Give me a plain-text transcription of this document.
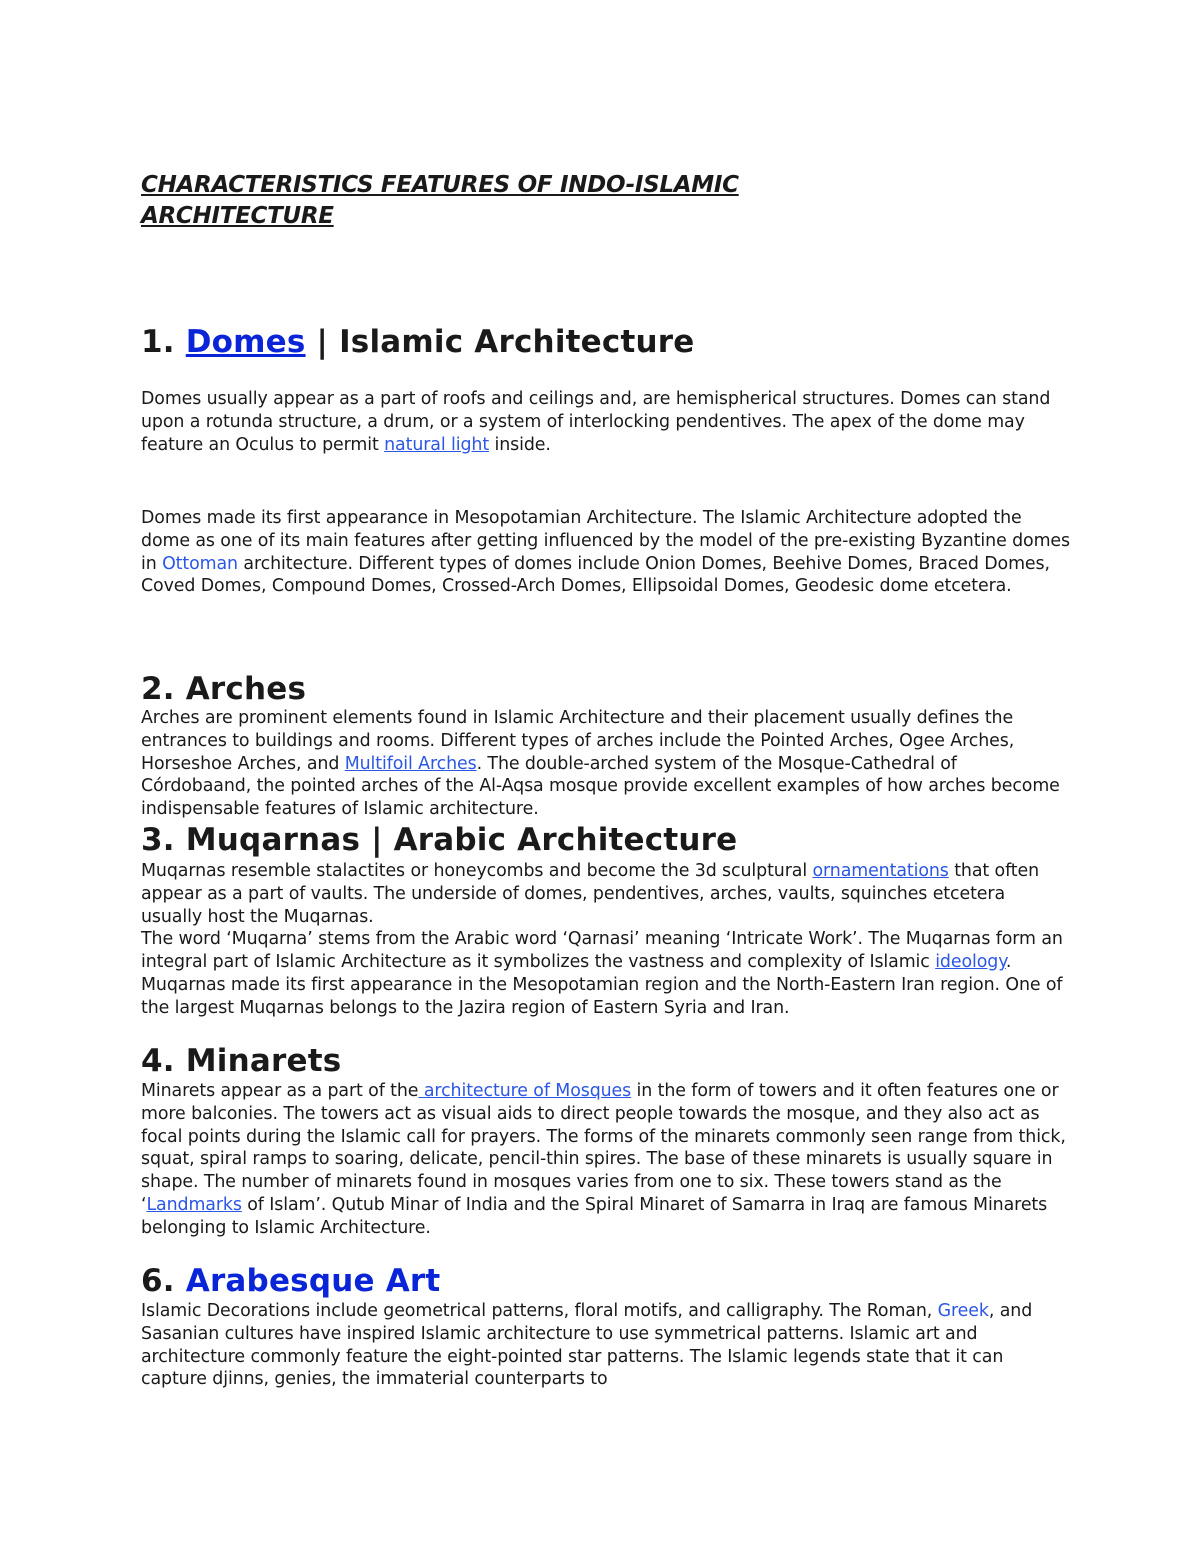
CHARACTERISTICS FEATURES OF INDO-ISLAMIC
ARCHITECTURE
1. Domes | Islamic Architecture

Domes usually appear as a part of roofs and ceilings and, are hemispherical structures. Domes can stand upon a rotunda structure, a drum, or a system of interlocking pendentives. The apex of the dome may feature an Oculus to permit natural light inside.

Domes made its first appearance in Mesopotamian Architecture. The Islamic Architecture adopted the dome as one of its main features after getting influenced by the model of the pre-existing Byzantine domes in Ottoman architecture. Different types of domes include Onion Domes, Beehive Domes, Braced Domes, Coved Domes, Compound Domes, Crossed-Arch Domes, Ellipsoidal Domes, Geodesic dome etcetera.

2. Arches

Arches are prominent elements found in Islamic Architecture and their placement usually defines the entrances to buildings and rooms. Different types of arches include the Pointed Arches, Ogee Arches, Horseshoe Arches, and Multifoil Arches. The double-arched system of the Mosque-Cathedral of Córdobaand, the pointed arches of the Al-Aqsa mosque provide excellent examples of how arches become indispensable features of Islamic architecture.

3. Muqarnas | Arabic Architecture

Muqarnas resemble stalactites or honeycombs and become the 3d sculptural ornamentations that often appear as a part of vaults. The underside of domes, pendentives, arches, vaults, squinches etcetera usually host the Muqarnas.
The word ‘Muqarna’ stems from the Arabic word ‘Qarnasi’ meaning ‘Intricate Work’. The Muqarnas form an integral part of Islamic Architecture as it symbolizes the vastness and complexity of Islamic ideology.
Muqarnas made its first appearance in the Mesopotamian region and the North-Eastern Iran region. One of the largest Muqarnas belongs to the Jazira region of Eastern Syria and Iran.

4. Minarets

Minarets appear as a part of the architecture of Mosques in the form of towers and it often features one or more balconies. The towers act as visual aids to direct people towards the mosque, and they also act as focal points during the Islamic call for prayers. The forms of the minarets commonly seen range from thick, squat, spiral ramps to soaring, delicate, pencil-thin spires. The base of these minarets is usually square in shape. The number of minarets found in mosques varies from one to six. These towers stand as the ‘Landmarks of Islam’. Qutub Minar of India and the Spiral Minaret of Samarra in Iraq are famous Minarets belonging to Islamic Architecture.

6. Arabesque Art

Islamic Decorations include geometrical patterns, floral motifs, and calligraphy. The Roman, Greek, and Sasanian cultures have inspired Islamic architecture to use symmetrical patterns. Islamic art and architecture commonly feature the eight-pointed star patterns. The Islamic legends state that it can capture djinns, genies, the immaterial counterparts to
